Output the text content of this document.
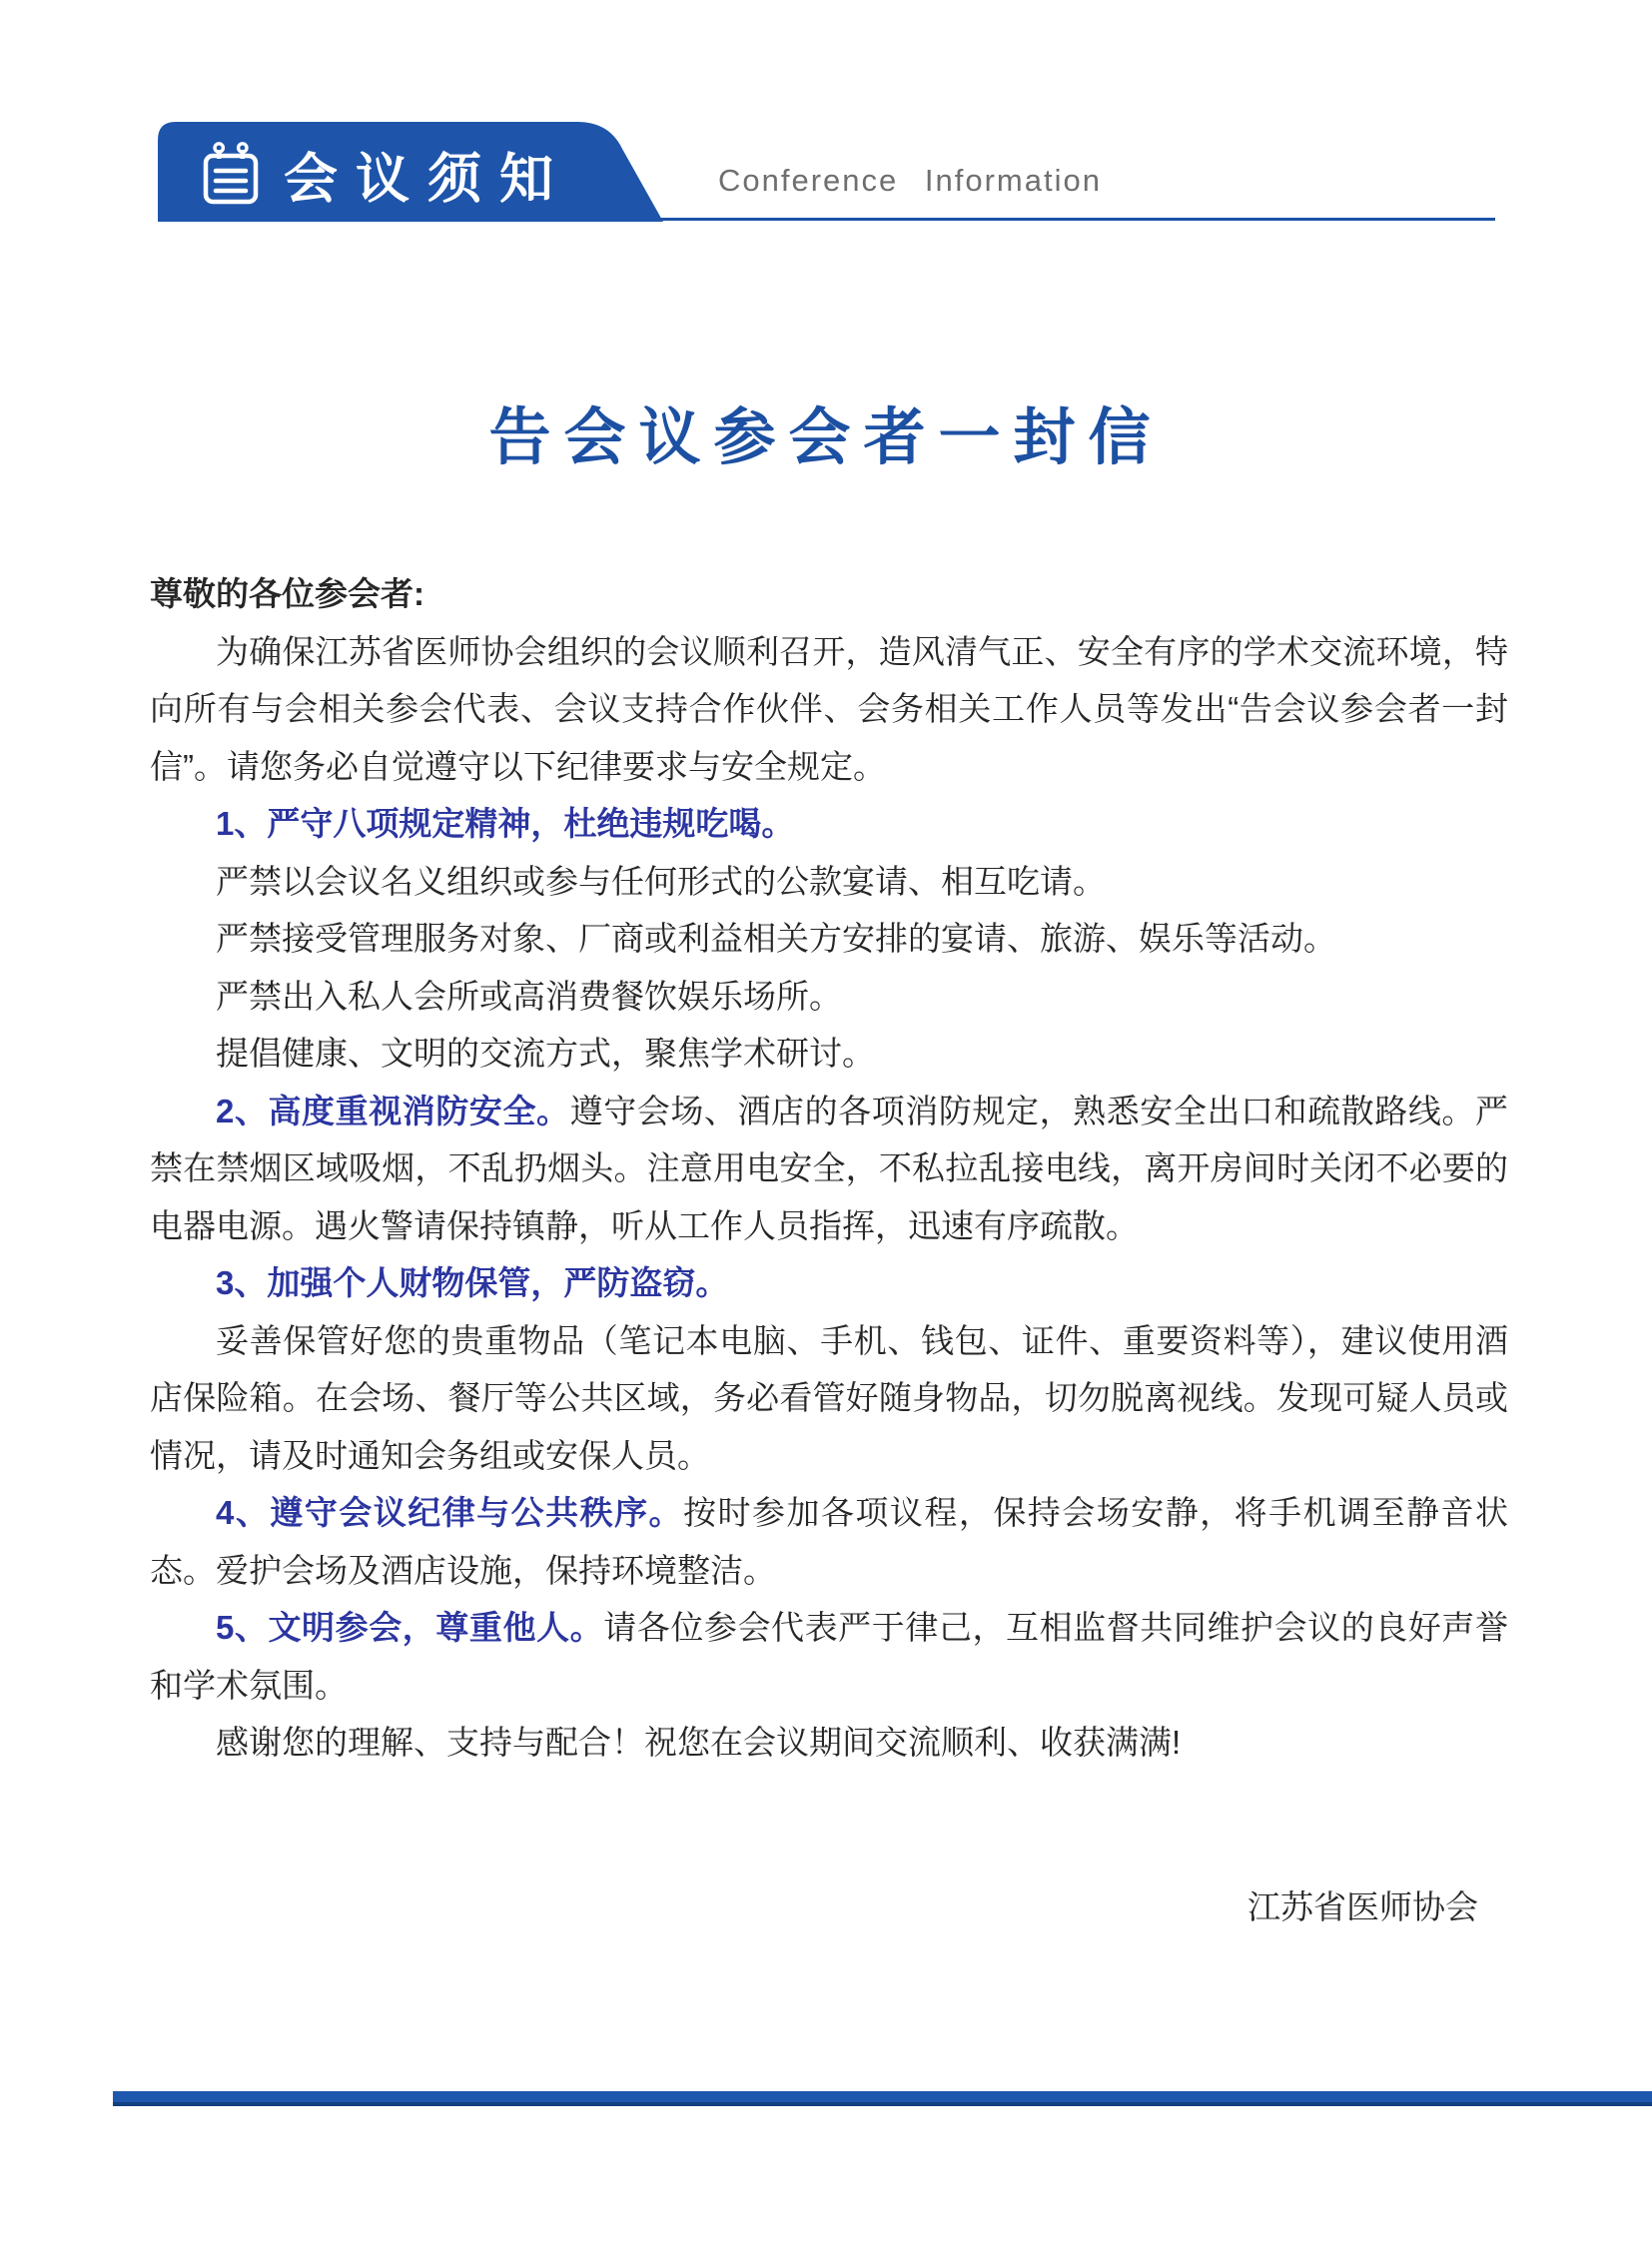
会议须知	Conference Information
告会议参会者一封信

尊敬的各位参会者:

为确保江苏省医师协会组织的会议顺利召开，造风清气正、安全有序的学术交流环境，特向所有与会相关参会代表、会议支持合作伙伴、会务相关工作人员等发出“告会议参会者一封信”。请您务必自觉遵守以下纪律要求与安全规定。

1、严守八项规定精神，杜绝违规吃喝。

严禁以会议名义组织或参与任何形式的公款宴请、相互吃请。

严禁接受管理服务对象、厂商或利益相关方安排的宴请、旅游、娱乐等活动。

严禁出入私人会所或高消费餐饮娱乐场所。

提倡健康、文明的交流方式，聚焦学术研讨。

2、高度重视消防安全。遵守会场、酒店的各项消防规定，熟悉安全出口和疏散路线。严禁在禁烟区域吸烟，不乱扔烟头。注意用电安全，不私拉乱接电线，离开房间时关闭不必要的电器电源。遇火警请保持镇静，听从工作人员指挥，迅速有序疏散。

3、加强个人财物保管，严防盗窃。

妥善保管好您的贵重物品（笔记本电脑、手机、钱包、证件、重要资料等），建议使用酒店保险箱。在会场、餐厅等公共区域，务必看管好随身物品，切勿脱离视线。发现可疑人员或情况，请及时通知会务组或安保人员。

4、遵守会议纪律与公共秩序。按时参加各项议程，保持会场安静，将手机调至静音状态。爱护会场及酒店设施，保持环境整洁。

5、文明参会，尊重他人。请各位参会代表严于律己，互相监督共同维护会议的良好声誉和学术氛围。

感谢您的理解、支持与配合！祝您在会议期间交流顺利、收获满满!

江苏省医师协会
